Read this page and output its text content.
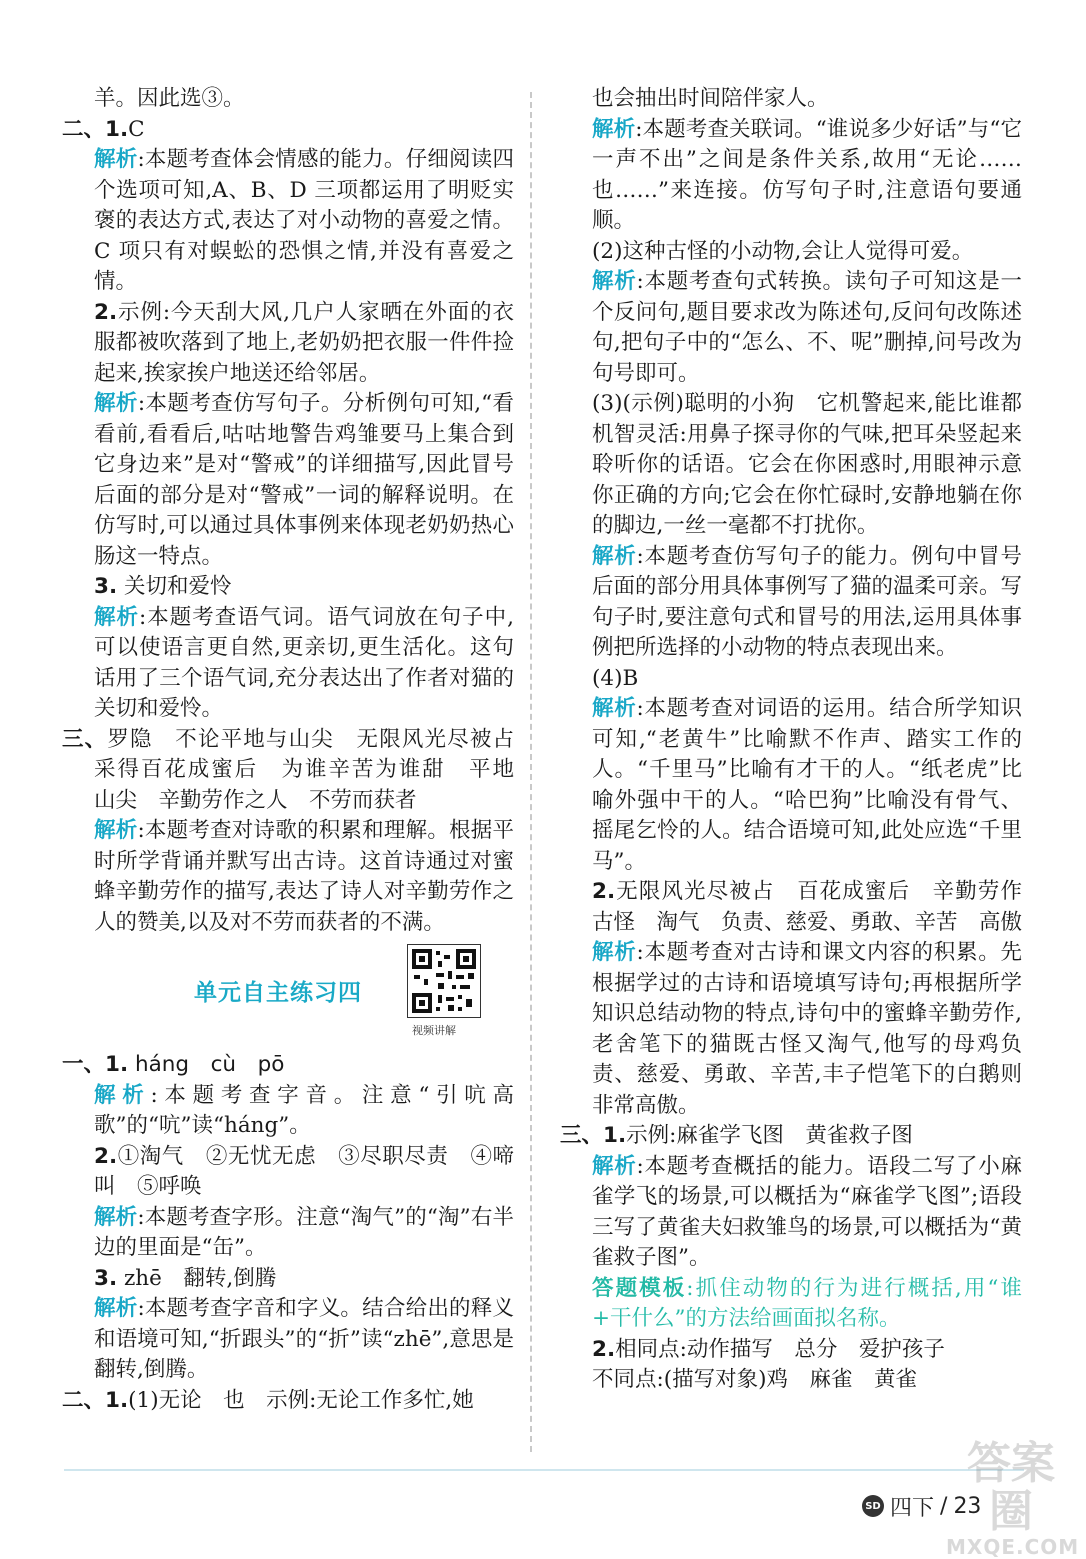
羊。因此选③。

二、1.C

解析:本题考查体会情感的能力。仔细阅读四个选项可知,A、B、D 三项都运用了明贬实褒的表达方式,表达了对小动物的喜爱之情。C 项只有对蜈蚣的恐惧之情,并没有喜爱之情。

2.示例:今天刮大风,几户人家晒在外面的衣服都被吹落到了地上,老奶奶把衣服一件件捡起来,挨家挨户地送还给邻居。

解析:本题考查仿写句子。分析例句可知,“看看前,看看后,咕咕地警告鸡雏要马上集合到它身边来”是对“警戒”的详细描写,因此冒号后面的部分是对“警戒”一词的解释说明。在仿写时,可以通过具体事例来体现老奶奶热心肠这一特点。

3. 关切和爱怜

解析:本题考查语气词。语气词放在句子中,可以使语言更自然,更亲切,更生活化。这句话用了三个语气词,充分表达出了作者对猫的关切和爱怜。

三、罗隐　不论平地与山尖　无限风光尽被占　采得百花成蜜后　为谁辛苦为谁甜　平地　山尖　辛勤劳作之人　不劳而获者

解析:本题考查对诗歌的积累和理解。根据平时所学背诵并默写出古诗。这首诗通过对蜜蜂辛勤劳作的描写,表达了诗人对辛勤劳作之人的赞美,以及对不劳而获者的不满。

单元自主练习四
视频讲解

一、1. háng　 cù　 pō

解析:本题考查字音。注意“引吭高歌”的“吭”读“háng”。

2.①淘气　②无忧无虑　③尽职尽责　④啼叫　⑤呼唤

解析:本题考查字形。注意“淘气”的“淘”右半边的里面是“缶”。

3. zhē　翻转,倒腾

解析:本题考查字音和字义。结合给出的释义和语境可知,“折跟头”的“折”读“zhē”,意思是翻转,倒腾。

二、1.(1)无论　也　示例:无论工作多忙,她

也会抽出时间陪伴家人。

解析:本题考查关联词。“谁说多少好话”与“它一声不出”之间是条件关系,故用“无论……也……”来连接。仿写句子时,注意语句要通顺。

(2)这种古怪的小动物,会让人觉得可爱。

解析:本题考查句式转换。读句子可知这是一个反问句,题目要求改为陈述句,反问句改陈述句,把句子中的“怎么、不、呢”删掉,问号改为句号即可。

(3)(示例)聪明的小狗　它机警起来,能比谁都机智灵活:用鼻子探寻你的气味,把耳朵竖起来聆听你的话语。它会在你困惑时,用眼神示意你正确的方向;它会在你忙碌时,安静地躺在你的脚边,一丝一毫都不打扰你。

解析:本题考查仿写句子的能力。例句中冒号后面的部分用具体事例写了猫的温柔可亲。写句子时,要注意句式和冒号的用法,运用具体事例把所选择的小动物的特点表现出来。

(4)B

解析:本题考查对词语的运用。结合所学知识可知,“老黄牛”比喻默不作声、踏实工作的人。“千里马”比喻有才干的人。“纸老虎”比喻外强中干的人。“哈巴狗”比喻没有骨气、摇尾乞怜的人。结合语境可知,此处应选“千里马”。

2.无限风光尽被占　百花成蜜后　辛勤劳作　古怪　淘气　负责、慈爱、勇敢、辛苦　高傲

解析:本题考查对古诗和课文内容的积累。先根据学过的古诗和语境填写诗句;再根据所学知识总结动物的特点,诗句中的蜜蜂辛勤劳作,老舍笔下的猫既古怪又淘气,他写的母鸡负责、慈爱、勇敢、辛苦,丰子恺笔下的白鹅则非常高傲。

三、1.示例:麻雀学飞图　黄雀救子图

解析:本题考查概括的能力。语段二写了小麻雀学飞的场景,可以概括为“麻雀学飞图”;语段三写了黄雀夫妇救雏鸟的场景,可以概括为“黄雀救子图”。

答题模板:抓住动物的行为进行概括,用“谁+干什么”的方法给画面拟名称。

2.相同点:动作描写　总分　爱护孩子

不同点:(描写对象)鸡　麻雀　黄雀

SD 四下 / 23
答案圈
MXQE.COM
